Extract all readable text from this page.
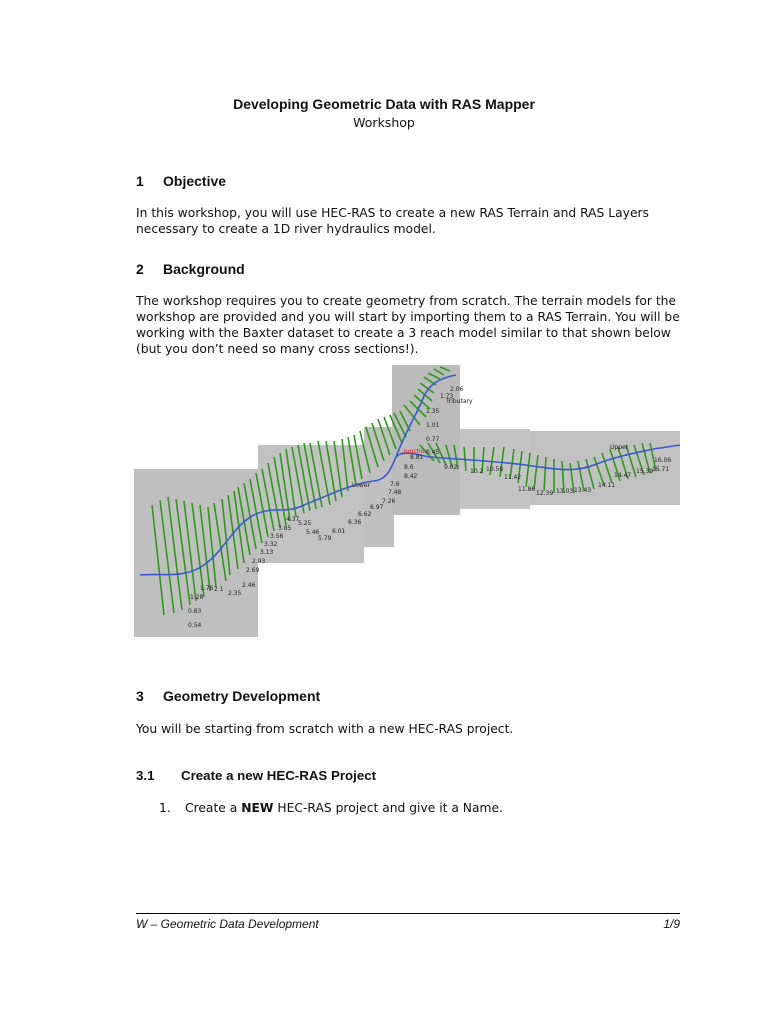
Developing Geometric Data with RAS Mapper
Workshop
1 Objective
In this workshop, you will use HEC-RAS to create a new RAS Terrain and RAS Layers necessary to create a 1D river hydraulics model.
2 Background
The workshop requires you to create geometry from scratch. The terrain models for the workshop are provided and you will start by importing them to a RAS Terrain. You will be working with the Baxter dataset to create a 3 reach model similar to that shown below (but you don’t need so many cross sections!).
0.54
0.83
1.28
1.76 2.1
2.35
2.46
2.69
2.93
3.13
3.32
3.56
3.85
4.37
5.25
5.46
5.79
6.01
6.36
6.62
6.97
7.26
7.48
7.6
8.42
8.6
8.81
9.02
10.2 10.58
11.42
11.86
12.39 13.03 13.43
14.11
14.47
15.39
15.71
16.06
1.35
1.01
0.77
0.45
1.73
2.06
Tributary
Junction
Lower
Upper
3 Geometry Development
You will be starting from scratch with a new HEC-RAS project.
3.1 Create a new HEC-RAS Project
1. Create a NEW HEC-RAS project and give it a Name.
W – Geometric Data Development	1/9
